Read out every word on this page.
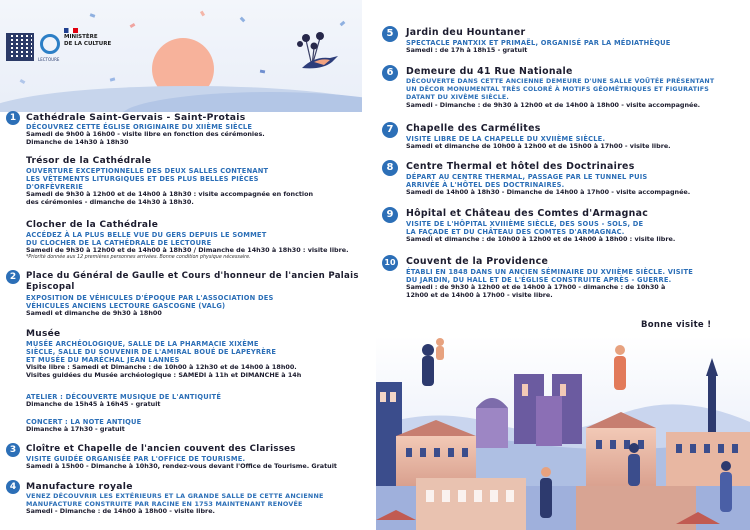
LECTOURE
MINISTÈRE
DE LA CULTURE
1	Cathédrale Saint-Gervais - Saint-Protais
DÉCOUVREZ CETTE ÉGLISE ORIGINAIRE DU XIIÈME SIÈCLE
Samedi de 9h00 à 16h00 - visite libre en fonction des cérémonies.
Dimanche de 14h30 à 18h30
Trésor de la Cathédrale
OUVERTURE EXCEPTIONNELLE DES DEUX SALLES CONTENANT
LES VÊTEMENTS LITURGIQUES ET DES PLUS BELLES PIÈCES
D'ORFÈVRERIE
Samedi de 9h30 à 12h00 et de 14h00 à 18h30 : visite accompagnée en fonction
des cérémonies - dimanche de 14h30 à 18h30.
Clocher de la Cathédrale
ACCÉDEZ À LA PLUS BELLE VUE DU GERS DEPUIS LE SOMMET
DU CLOCHER DE LA CATHÉDRALE DE LECTOURE
Samedi de 9h30 à 12h00 et de 14h00 à 18h30 / Dimanche de 14h30 à 18h30 : visite libre.
*Priorité donnée aux 12 premières personnes arrivées. Bonne condition physique nécessaire.
2	Place du Général de Gaulle et Cours d'honneur de l'ancien Palais
Episcopal
EXPOSITION DE VÉHICULES D'ÉPOQUE PAR L'ASSOCIATION DES
VÉHICULES ANCIENS LECTOURE GASCOGNE (VALG)
Samedi et dimanche de 9h30 à 18h00
Musée
MUSÉE ARCHÉOLOGIQUE, SALLE DE LA PHARMACIE XIXÈME
SIÈCLE, SALLE DU SOUVENIR DE L'AMIRAL BOUÉ DE LAPEYRÈRE
ET MUSÉE DU MARÉCHAL JEAN LANNES
Visite libre : Samedi et Dimanche : de 10h00 à 12h30 et de 14h00 à 18h00.
Visites guidées du Musée archéologique : SAMEDI à 11h et DIMANCHE à 14h
ATELIER : DÉCOUVERTE MUSIQUE DE L'ANTIQUITÉ
Dimanche de 15h45 à 16h45 - gratuit
CONCERT : LA NOTE ANTIQUE
Dimanche à 17h30 - gratuit
3	Cloître et Chapelle de l'ancien couvent des Clarisses
VISITE GUIDÉE ORGANISÉE PAR L'OFFICE DE TOURISME.
Samedi à 15h00 - Dimanche à 10h30, rendez-vous devant l'Office de Tourisme. Gratuit
4	Manufacture royale
VENEZ DÉCOUVRIR LES EXTÉRIEURS ET LA GRANDE SALLE DE CETTE ANCIENNE
MANUFACTURE CONSTRUITE PAR RACINE EN 1753 MAINTENANT RENOVÉE
Samedi - Dimanche : de 14h00 à 18h00 - visite libre.
5	Jardin deu Hountaner
SPECTACLE PANTXIX ET PRIMAËL, ORGANISÉ PAR LA MÉDIATHÈQUE
Samedi : de 17h à 18h15 - gratuit
6	Demeure du 41 Rue Nationale
DÉCOUVERTE DANS CETTE ANCIENNE DEMEURE D'UNE SALLE VOÛTÉE PRÉSENTANT
UN DÉCOR MONUMENTAL TRÈS COLORÉ À MOTIFS GÉOMÉTRIQUES ET FIGURATIFS
DATANT DU XIVÈME SIÈCLE.
Samedi - Dimanche : de 9h30 à 12h00 et de 14h00 à 18h00 - visite accompagnée.
7	Chapelle des Carmélites
VISITE LIBRE DE LA CHAPELLE DU XVIIÈME SIÈCLE.
Samedi et dimanche de 10h00 à 12h00 et de 15h00 à 17h00 - visite libre.
8	Centre Thermal et hôtel des Doctrinaires
DÉPART AU CENTRE THERMAL, PASSAGE PAR LE TUNNEL PUIS
ARRIVÉE À L'HÔTEL DES DOCTRINAIRES.
Samedi de 14h00 à 18h30 - Dimanche de 14h00 à 17h00 - visite accompagnée.
9	Hôpital et Château des Comtes d'Armagnac
VISITE DE L'HÔPITAL XVIIIÈME SIÈCLE, DES SOUS - SOLS, DE
LA FAÇADE ET DU CHÂTEAU DES COMTES D'ARMAGNAC.
Samedi et dimanche : de 10h00 à 12h00 et de 14h00 à 18h00 : visite libre.
10 Couvent de la Providence
ÉTABLI EN 1848 DANS UN ANCIEN SÉMINAIRE DU XVIIÈME SIÈCLE. VISITE
DU JARDIN, DU HALL ET DE L'ÉGLISE CONSTRUITE APRÈS - GUERRE.
Samedi : de 9h30 à 12h00 et de 14h00 à 17h00 - dimanche : de 10h30 à
12h00 et de 14h00 à 17h00 - visite libre.
Bonne visite !
